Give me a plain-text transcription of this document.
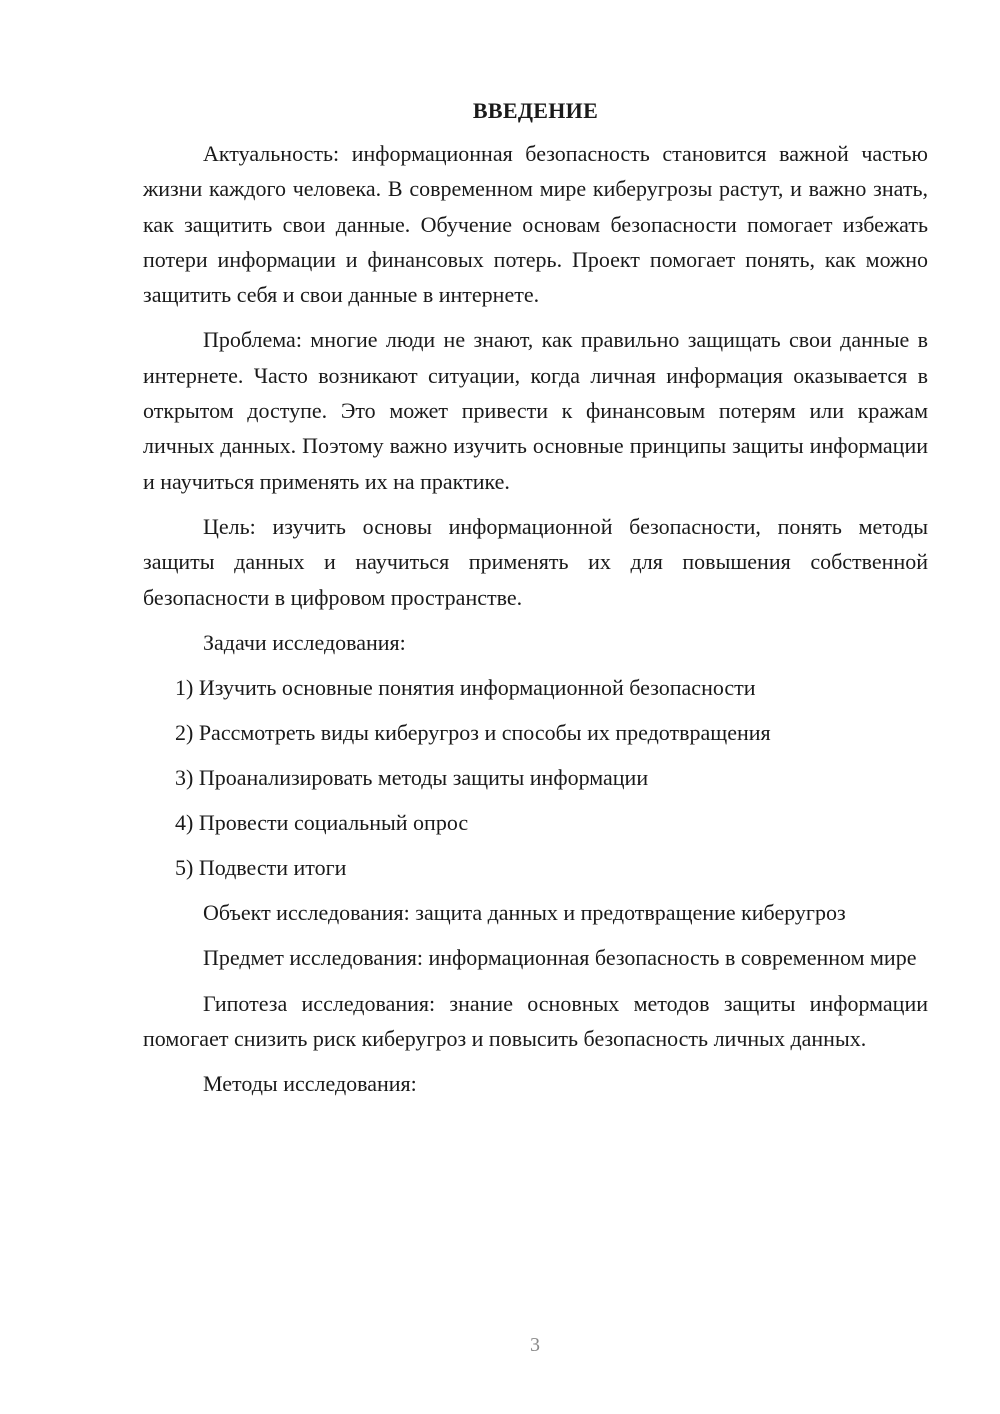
ВВЕДЕНИЕ

Актуальность: информационная безопасность становится важной частью жизни каждого человека. В современном мире киберугрозы растут, и важно знать, как защитить свои данные. Обучение основам безопасности помогает избежать потери информации и финансовых потерь. Проект помогает понять, как можно защитить себя и свои данные в интернете.

Проблема: многие люди не знают, как правильно защищать свои данные в интернете. Часто возникают ситуации, когда личная информация оказывается в открытом доступе. Это может привести к финансовым потерям или кражам личных данных. Поэтому важно изучить основные принципы защиты информации и научиться применять их на практике.

Цель: изучить основы информационной безопасности, понять методы защиты данных и научиться применять их для повышения собственной безопасности в цифровом пространстве.

Задачи исследования:

1) Изучить основные понятия информационной безопасности
2) Рассмотреть виды киберугроз и способы их предотвращения
3) Проанализировать методы защиты информации
4) Провести социальный опрос
5) Подвести итоги

Объект исследования: защита данных и предотвращение киберугроз

Предмет исследования: информационная безопасность в современном мире

Гипотеза исследования: знание основных методов защиты информации помогает снизить риск киберугроз и повысить безопасность личных данных.

Методы исследования:

3
